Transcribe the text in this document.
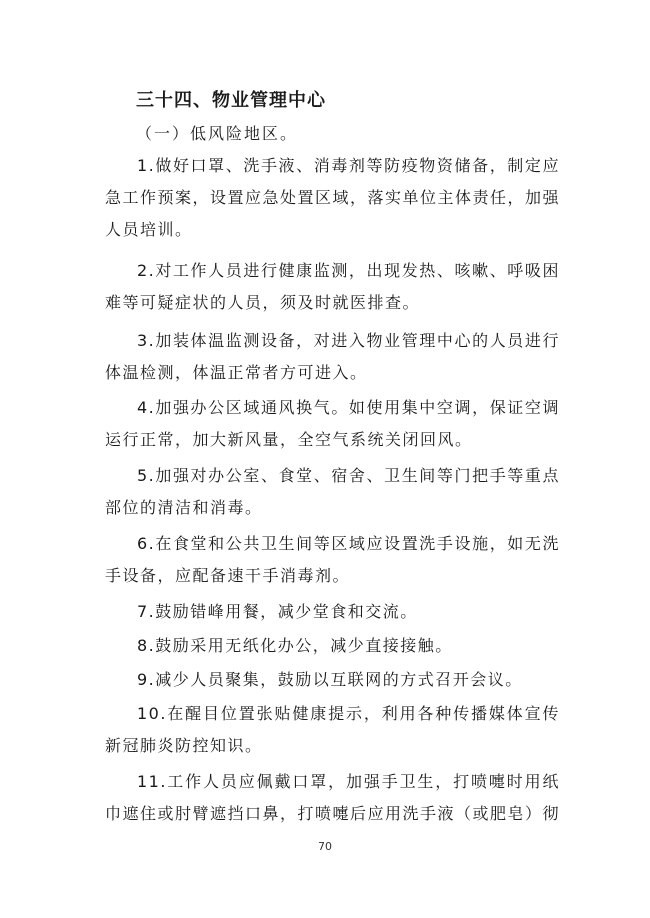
三十四、物业管理中心

（一）低风险地区。

1.做好口罩、洗手液、消毒剂等防疫物资储备，制定应急工作预案，设置应急处置区域，落实单位主体责任，加强人员培训。

2.对工作人员进行健康监测，出现发热、咳嗽、呼吸困难等可疑症状的人员，须及时就医排查。

3.加装体温监测设备，对进入物业管理中心的人员进行体温检测，体温正常者方可进入。

4.加强办公区域通风换气。如使用集中空调，保证空调运行正常，加大新风量，全空气系统关闭回风。

5.加强对办公室、食堂、宿舍、卫生间等门把手等重点部位的清洁和消毒。

6.在食堂和公共卫生间等区域应设置洗手设施，如无洗手设备，应配备速干手消毒剂。

7.鼓励错峰用餐，减少堂食和交流。

8.鼓励采用无纸化办公，减少直接接触。

9.减少人员聚集，鼓励以互联网的方式召开会议。

10.在醒目位置张贴健康提示，利用各种传播媒体宣传新冠肺炎防控知识。

11.工作人员应佩戴口罩，加强手卫生，打喷嚏时用纸巾遮住或肘臂遮挡口鼻，打喷嚏后应用洗手液（或肥皂）彻

70
